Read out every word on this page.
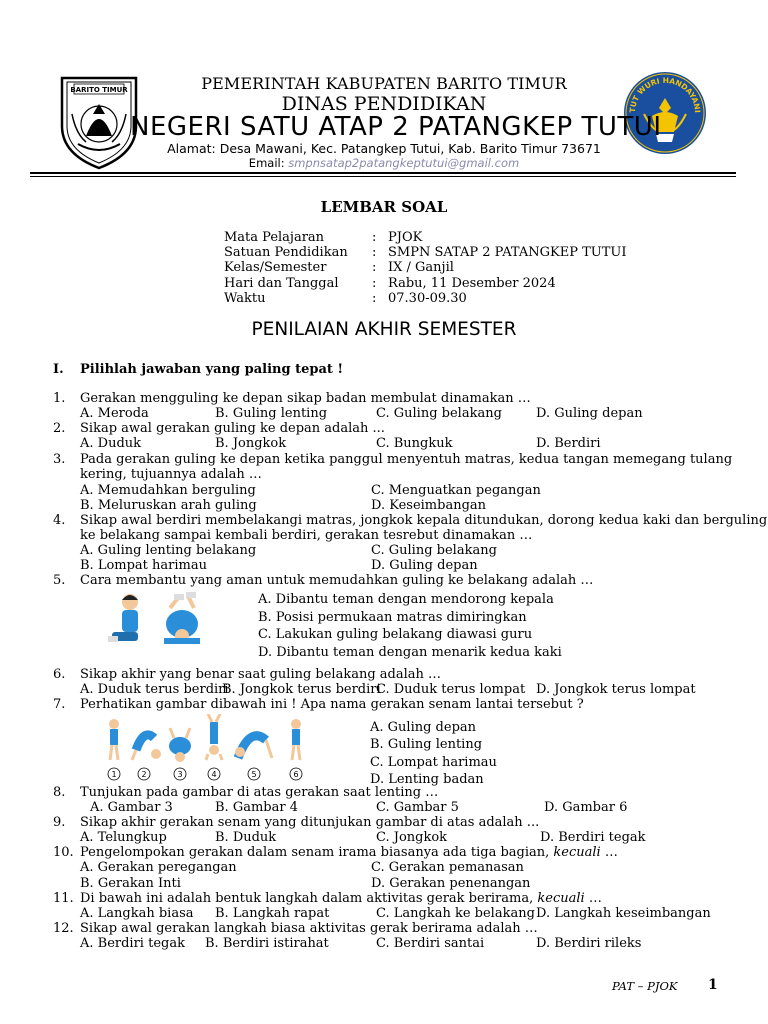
BARITO TIMUR
TUT WURI HANDAYANI
PEMERINTAH KABUPATEN BARITO TIMUR
DINAS PENDIDIKAN
NEGERI SATU ATAP 2 PATANGKEP TUTUI
Alamat: Desa Mawani, Kec. Patangkep Tutui, Kab. Barito Timur 73671
Email: smpnsatap2patangkeptutui@gmail.com
LEMBAR SOAL
Mata Pelajaran	: PJOK
Satuan Pendidikan	: SMPN SATAP 2 PATANGKEP TUTUI
Kelas/Semester	: IX / Ganjil
Hari dan Tanggal	: Rabu, 11 Desember 2024
Waktu	: 07.30-09.30
PENILAIAN AKHIR SEMESTER
I. Pilihlah jawaban yang paling tepat !
1. Gerakan mengguling ke depan sikap badan membulat dinamakan …
A. Meroda	B. Guling lenting	C. Guling belakang	D. Guling depan
2. Sikap awal gerakan guling ke depan adalah ...
A. Duduk	B. Jongkok	C. Bungkuk	D. Berdiri
3. Pada gerakan guling ke depan ketika panggul menyentuh matras, kedua tangan memegang tulang
kering, tujuannya adalah …
A. Memudahkan berguling	C. Menguatkan pegangan
B. Meluruskan arah guling	D. Keseimbangan
4. Sikap awal berdiri membelakangi matras, jongkok kepala ditundukan, dorong kedua kaki dan berguling
ke belakang sampai kembali berdiri, gerakan tesrebut dinamakan …
A. Guling lenting belakang	C. Guling belakang
B. Lompat harimau	D. Guling depan
5. Cara membantu yang aman untuk memudahkan guling ke belakang adalah …
A. Dibantu teman dengan mendorong kepala
B. Posisi permukaan matras dimiringkan
C. Lakukan guling belakang diawasi guru
D. Dibantu teman dengan menarik kedua kaki
6. Sikap akhir yang benar saat guling belakang adalah …
A. Duduk terus berdiri
B. Jongkok terus berdiri
C. Duduk terus lompat D. Jongkok terus lompat
7. Perhatikan gambar dibawah ini ! Apa nama gerakan senam lantai tersebut ?
1	2	3	4	5	6
A. Guling depan
B. Guling lenting
C. Lompat harimau
D. Lenting badan
8. Tunjukan pada gambar di atas gerakan saat lenting …
A. Gambar 3	B. Gambar 4	C. Gambar 5	D. Gambar 6
9. Sikap akhir gerakan senam yang ditunjukan gambar di atas adalah ...
A. Telungkup	B. Duduk	C. Jongkok	D. Berdiri tegak
10. Pengelompokan gerakan dalam senam irama biasanya ada tiga bagian, kecuali …
A. Gerakan peregangan	C. Gerakan pemanasan
B. Gerakan Inti	D. Gerakan penenangan
11. Di bawah ini adalah bentuk langkah dalam aktivitas gerak berirama, kecuali …
A. Langkah biasa B. Langkah rapat	C. Langkah ke belakang D. Langkah keseimbangan
12. Sikap awal gerakan langkah biasa aktivitas gerak berirama adalah …
A. Berdiri tegak B. Berdiri istirahat	C. Berdiri santai	D. Berdiri rileks
PAT – PJOK 1
